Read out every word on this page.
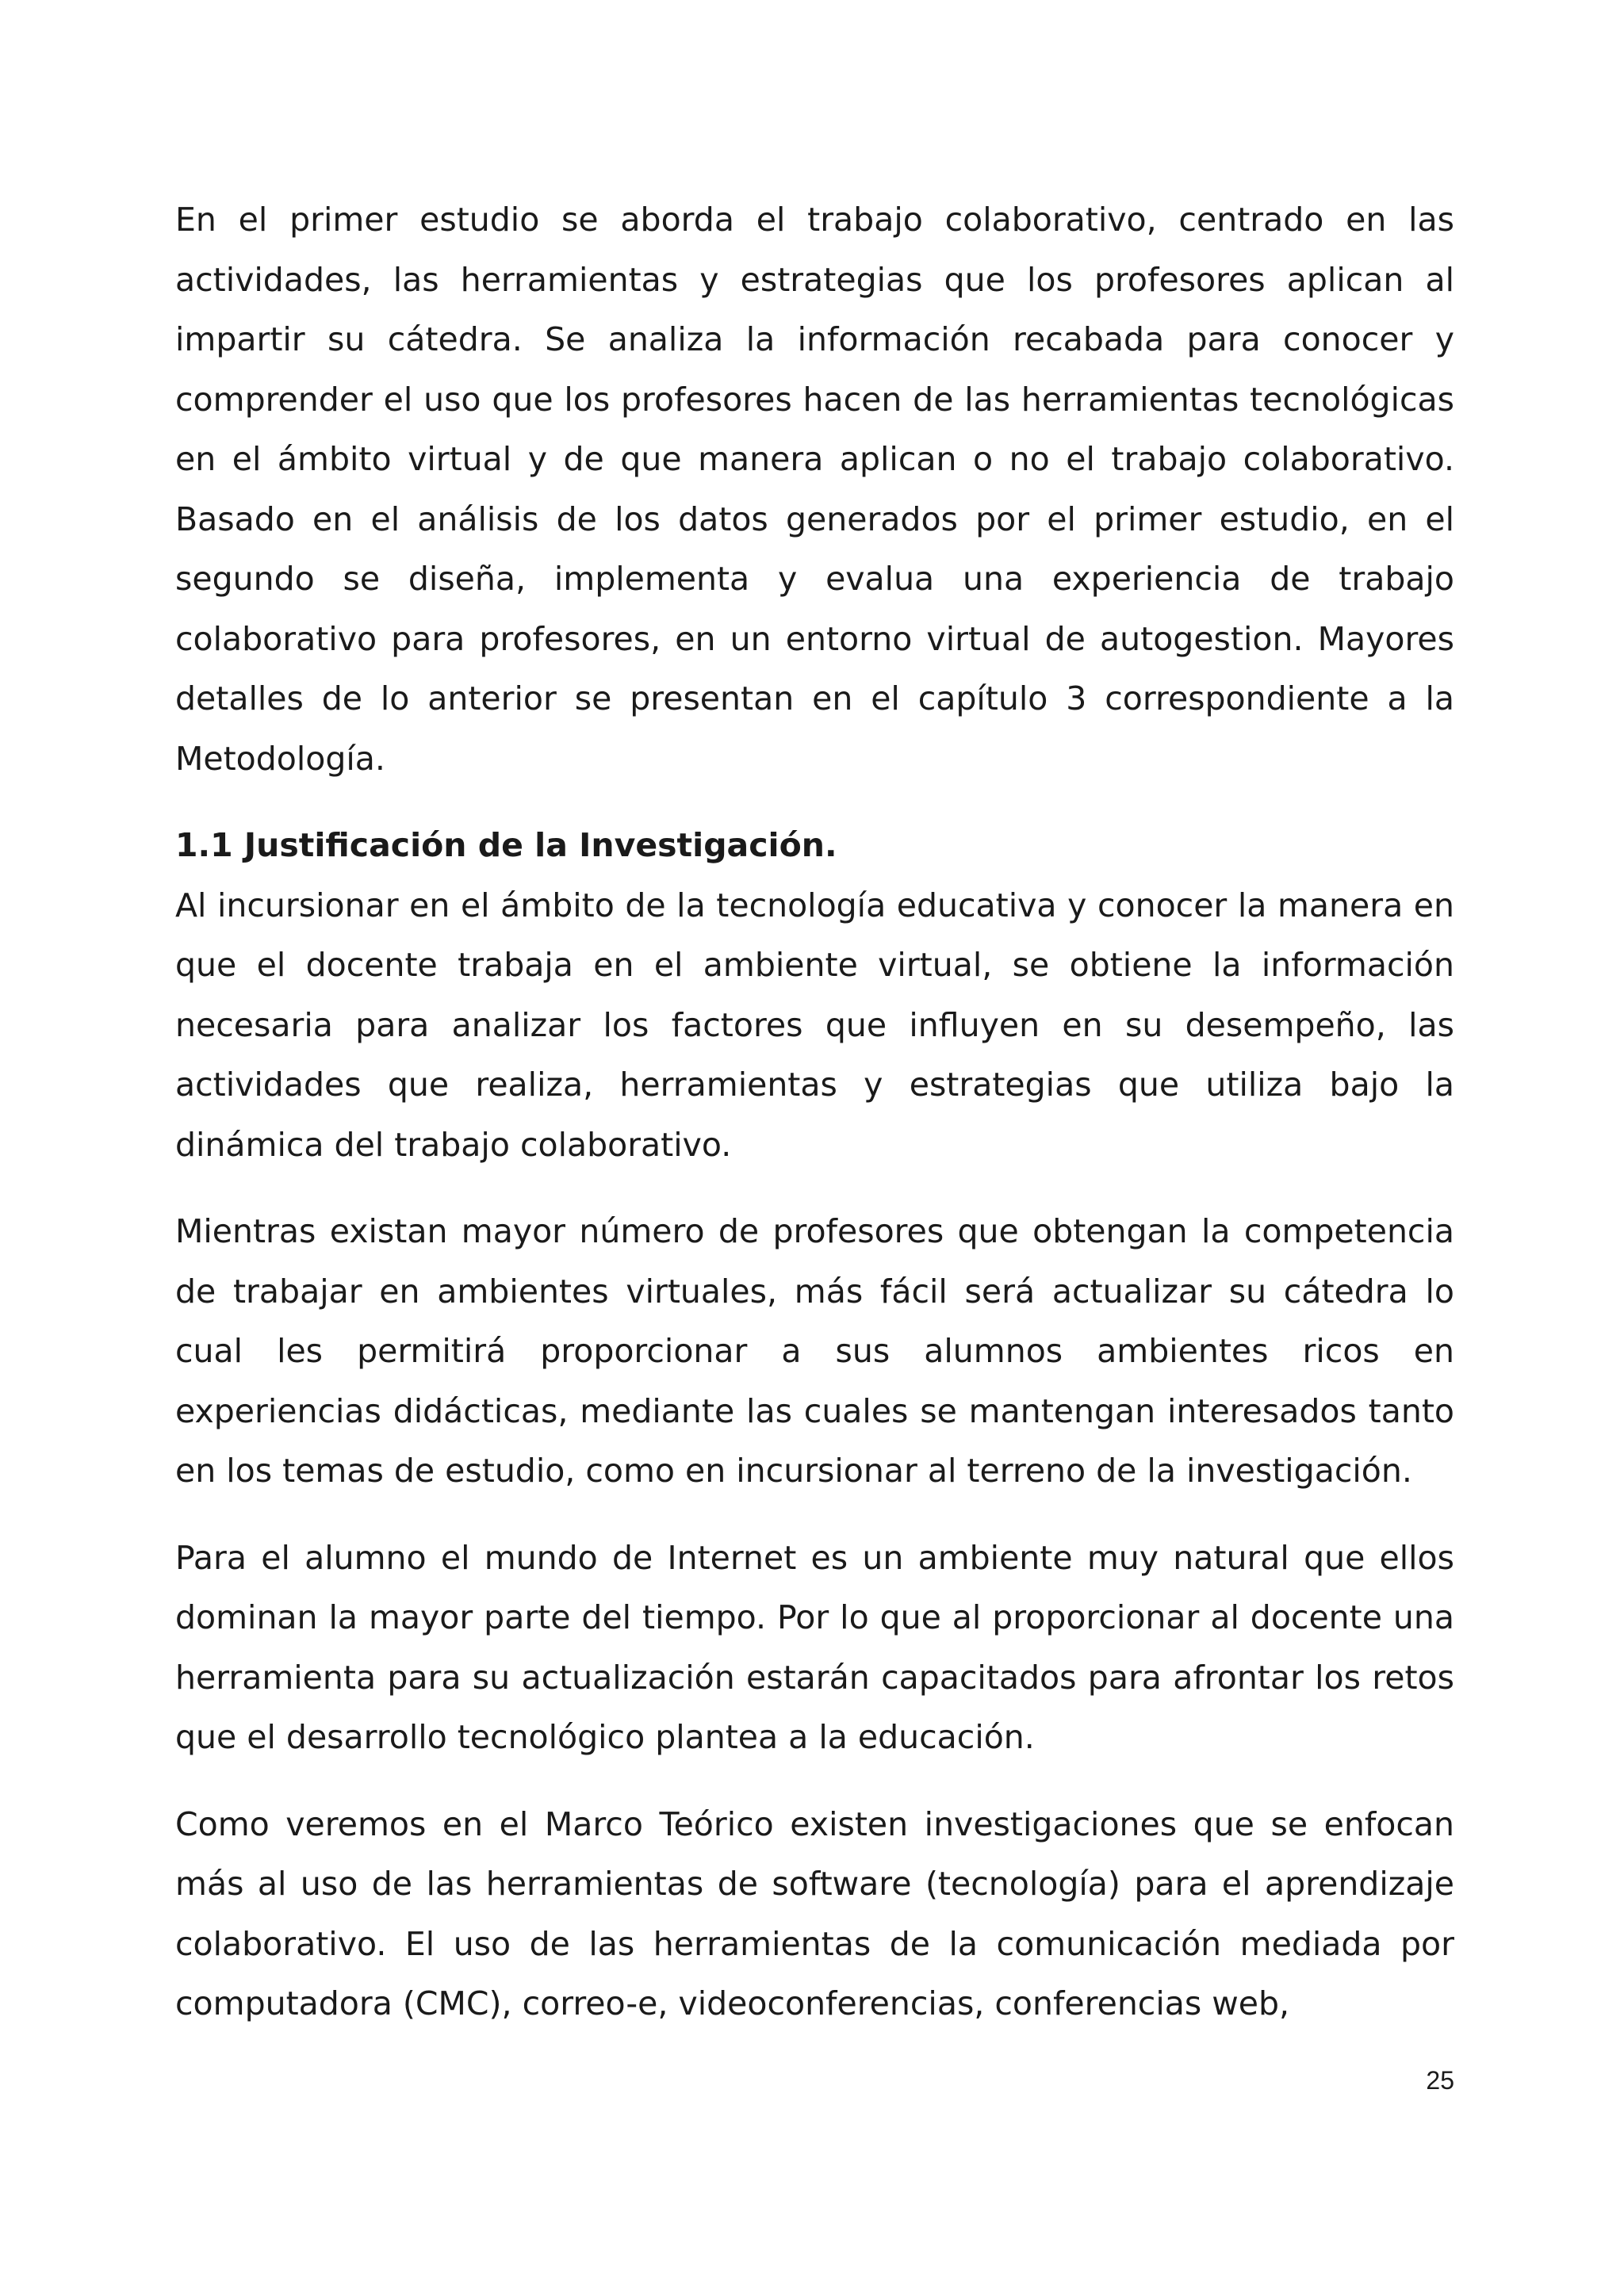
En el primer estudio se aborda el trabajo colaborativo, centrado en las actividades, las herramientas y estrategias que los profesores aplican al impartir su cátedra. Se analiza la información recabada para conocer y comprender el uso que los profesores hacen de las herramientas tecnológicas en el ámbito virtual y de que manera aplican o no el trabajo colaborativo. Basado en el análisis de los datos generados por el primer estudio, en el segundo se diseña, implementa y evalua una experiencia de trabajo colaborativo para profesores, en un entorno virtual de autogestion. Mayores detalles de lo anterior se presentan en el capítulo 3 correspondiente a la Metodología.

1.1 Justificación de la Investigación.

Al incursionar en el ámbito de la tecnología educativa y conocer la manera en que el docente trabaja en el ambiente virtual, se obtiene la información necesaria para analizar los factores que influyen en su desempeño, las actividades que realiza, herramientas y estrategias que utiliza bajo la dinámica del trabajo colaborativo.

Mientras existan mayor número de profesores que obtengan la competencia de trabajar en ambientes virtuales, más fácil será actualizar su cátedra lo cual les permitirá proporcionar a sus alumnos ambientes ricos en experiencias didácticas, mediante las cuales se mantengan interesados tanto en los temas de estudio, como en incursionar al terreno de la investigación.

Para el alumno el mundo de Internet es un ambiente muy natural que ellos dominan la mayor parte del tiempo. Por lo que al proporcionar al docente una herramienta para su actualización estarán capacitados para afrontar los retos que el desarrollo tecnológico plantea a la educación.

Como veremos en el Marco Teórico existen investigaciones que se enfocan más al uso de las herramientas de software (tecnología) para el aprendizaje colaborativo. El uso de las herramientas de la comunicación mediada por computadora (CMC), correo-e, videoconferencias, conferencias web,

25
